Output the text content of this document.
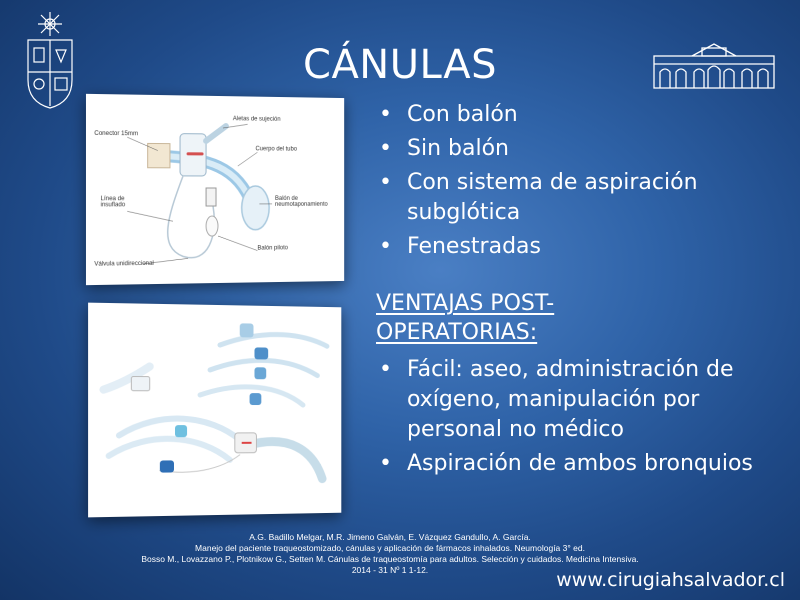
CÁNULAS
Aletas de sujeción
Conector 15mm
Cuerpo del tubo
Línea de insuflado
Balón de neumotaponamiento
Balón piloto
Válvula unidireccional
• Con balón
• Sin balón
• Con sistema de aspiración subglótica
• Fenestradas
VENTAJAS POST-OPERATORIAS:
• Fácil: aseo, administración de oxígeno, manipulación por personal no médico
• Aspiración de ambos bronquios
A.G. Badillo Melgar, M.R. Jimeno Galván, E. Vázquez Gandullo, A. García.
Manejo del paciente traqueostomizado, cánulas y aplicación de fármacos inhalados. Neumología 3° ed.
Bosso M., Lovazzano P., Plotnikow G., Setten M. Cánulas de traqueostomía para adultos. Selección y cuidados. Medicina Intensiva.
2014 - 31 Nº 1 1-12.	www.cirugiahsalvador.cl
